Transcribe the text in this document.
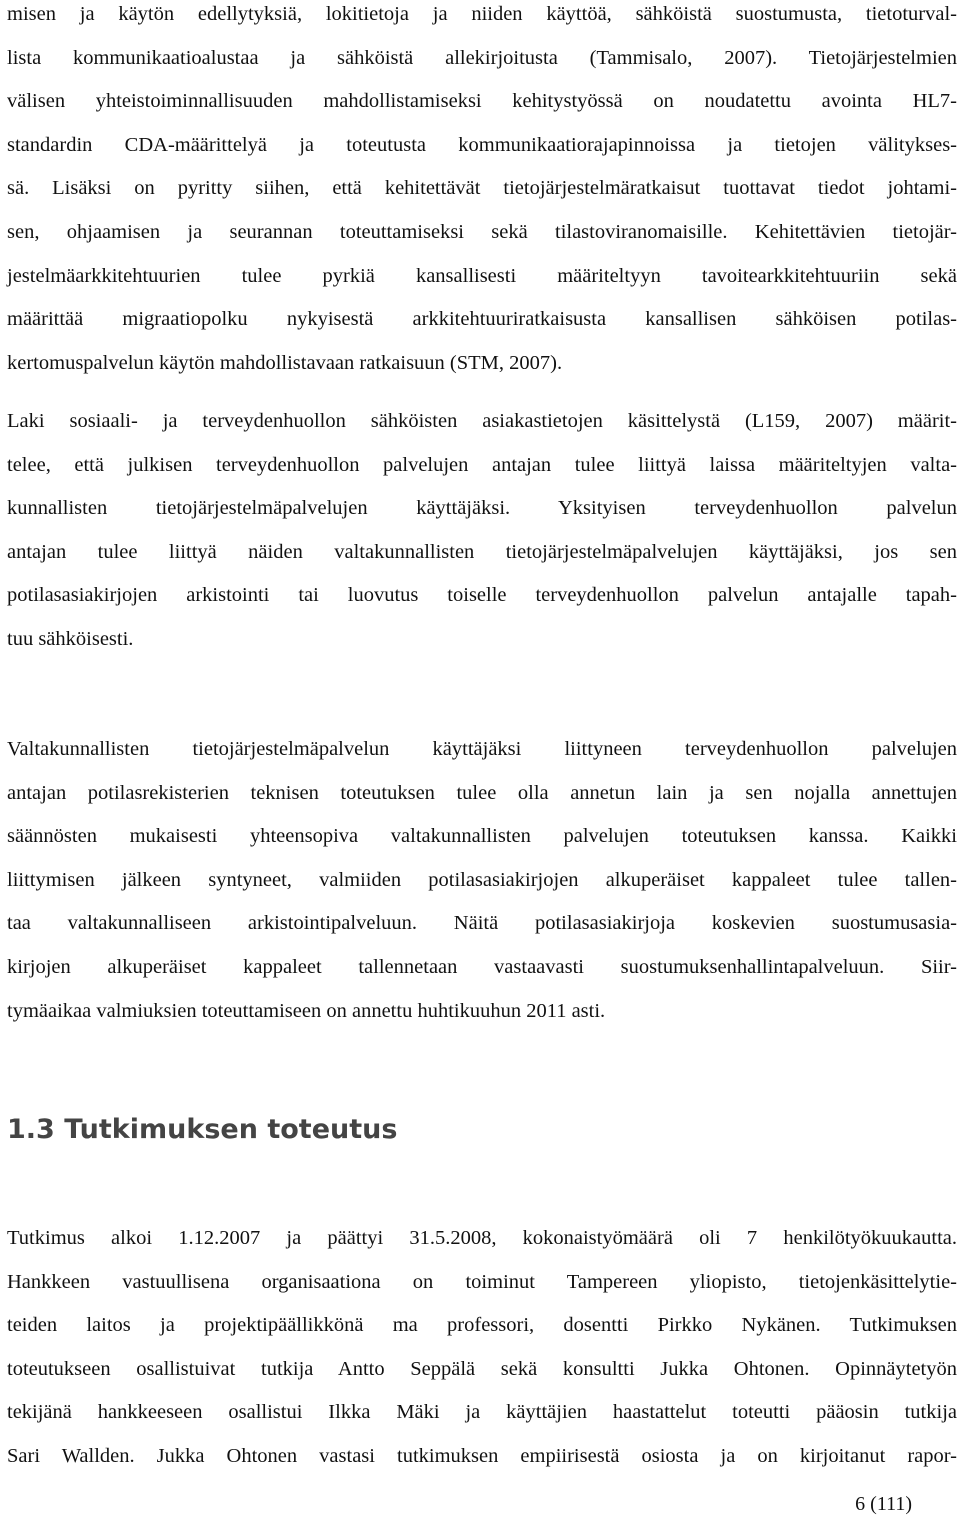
misen ja käytön edellytyksiä, lokitietoja ja niiden käyttöä, sähköistä suostumusta, tietoturval-
lista kommunikaatioalustaa ja sähköistä allekirjoitusta (Tammisalo, 2007). Tietojärjestelmien
välisen yhteistoiminnallisuuden mahdollistamiseksi kehitystyössä on noudatettu avointa HL7-
standardin CDA-määrittelyä ja toteutusta kommunikaatiorajapinnoissa ja tietojen välitykses-
sä. Lisäksi on pyritty siihen, että kehitettävät tietojärjestelmäratkaisut tuottavat tiedot johtami-
sen, ohjaamisen ja seurannan toteuttamiseksi sekä tilastoviranomaisille. Kehitettävien tietojär-
jestelmäarkkitehtuurien tulee pyrkiä kansallisesti määriteltyyn tavoitearkkitehtuuriin sekä
määrittää migraatiopolku nykyisestä arkkitehtuuriratkaisusta kansallisen sähköisen potilas-
kertomuspalvelun käytön mahdollistavaan ratkaisuun (STM, 2007).

Laki sosiaali- ja terveydenhuollon sähköisten asiakastietojen käsittelystä (L159, 2007) määrit-
telee, että julkisen terveydenhuollon palvelujen antajan tulee liittyä laissa määriteltyjen valta-
kunnallisten tietojärjestelmäpalvelujen käyttäjäksi. Yksityisen terveydenhuollon palvelun
antajan tulee liittyä näiden valtakunnallisten tietojärjestelmäpalvelujen käyttäjäksi, jos sen
potilasasiakirjojen arkistointi tai luovutus toiselle terveydenhuollon palvelun antajalle tapah-
tuu sähköisesti.

Valtakunnallisten tietojärjestelmäpalvelun käyttäjäksi liittyneen terveydenhuollon palvelujen
antajan potilasrekisterien teknisen toteutuksen tulee olla annetun lain ja sen nojalla annettujen
säännösten mukaisesti yhteensopiva valtakunnallisten palvelujen toteutuksen kanssa. Kaikki
liittymisen jälkeen syntyneet, valmiiden potilasasiakirjojen alkuperäiset kappaleet tulee tallen-
taa valtakunnalliseen arkistointipalveluun. Näitä potilasasiakirjoja koskevien suostumusasia-
kirjojen alkuperäiset kappaleet tallennetaan vastaavasti suostumuksenhallintapalveluun. Siir-
tymäaikaa valmiuksien toteuttamiseen on annettu huhtikuuhun 2011 asti.

1.3 Tutkimuksen toteutus

Tutkimus alkoi 1.12.2007 ja päättyi 31.5.2008, kokonaistyömäärä oli 7 henkilötyökuukautta.
Hankkeen vastuullisena organisaationa on toiminut Tampereen yliopisto, tietojenkäsittelytie-
teiden laitos ja projektipäällikkönä ma professori, dosentti Pirkko Nykänen. Tutkimuksen
toteutukseen osallistuivat tutkija Antto Seppälä sekä konsultti Jukka Ohtonen. Opinnäytetyön
tekijänä hankkeeseen osallistui Ilkka Mäki ja käyttäjien haastattelut toteutti pääosin tutkija
Sari Wallden. Jukka Ohtonen vastasi tutkimuksen empiirisestä osiosta ja on kirjoitanut rapor-

6 (111)
